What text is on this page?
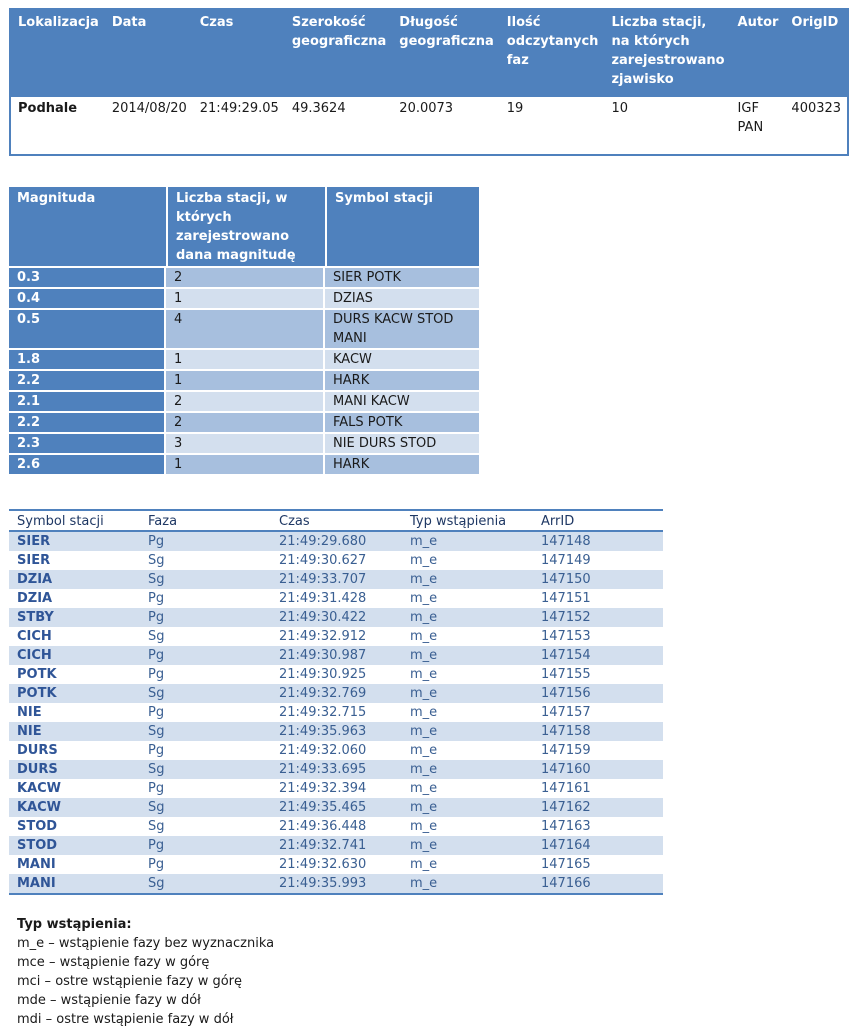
Lokalizacja	Data	Czas	Szerokość geograficzna	Długość geograficzna	Ilość odczytanych faz	Liczba stacji, na których zarejestrowano zjawisko	Autor	OrigID
Podhale	2014/08/20	21:49:29.05	49.3624	20.0073	19	10	IGF PAN	400323
Magnituda	Liczba stacji, w których zarejestrowano dana magnitudę	Symbol stacji
0.3	2	SIER POTK
0.4	1	DZIAS
0.5	4	DURS KACW STOD MANI
1.8	1	KACW
2.2	1	HARK
2.1	2	MANI KACW
2.2	2	FALS POTK
2.3	3	NIE DURS STOD
2.6	1	HARK
Symbol stacji	Faza	Czas	Typ wstąpienia	ArrID
SIER	Pg	21:49:29.680	m_e	147148
SIER	Sg	21:49:30.627	m_e	147149
DZIA	Sg	21:49:33.707	m_e	147150
DZIA	Pg	21:49:31.428	m_e	147151
STBY	Pg	21:49:30.422	m_e	147152
CICH	Sg	21:49:32.912	m_e	147153
CICH	Pg	21:49:30.987	m_e	147154
POTK	Pg	21:49:30.925	m_e	147155
POTK	Sg	21:49:32.769	m_e	147156
NIE	Pg	21:49:32.715	m_e	147157
NIE	Sg	21:49:35.963	m_e	147158
DURS	Pg	21:49:32.060	m_e	147159
DURS	Sg	21:49:33.695	m_e	147160
KACW	Pg	21:49:32.394	m_e	147161
KACW	Sg	21:49:35.465	m_e	147162
STOD	Sg	21:49:36.448	m_e	147163
STOD	Pg	21:49:32.741	m_e	147164
MANI	Pg	21:49:32.630	m_e	147165
MANI	Sg	21:49:35.993	m_e	147166
Typ wstąpienia:
m_e – wstąpienie fazy bez wyznacznika
mce – wstąpienie fazy w górę
mci – ostre wstąpienie fazy w górę
mde – wstąpienie fazy w dół
mdi – ostre wstąpienie fazy w dół
